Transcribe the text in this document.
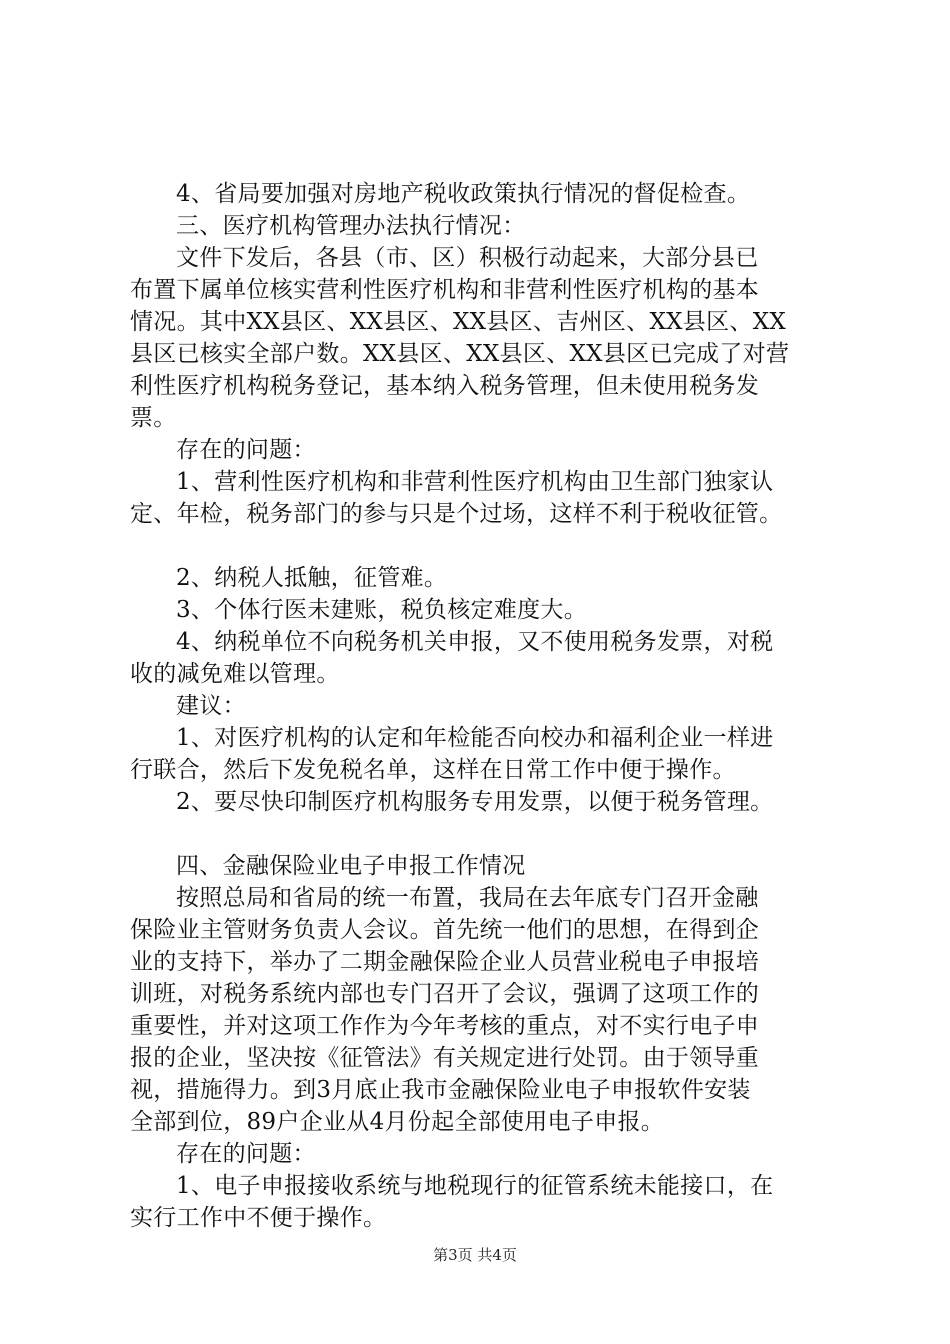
4、省局要加强对房地产税收政策执行情况的督促检查。
三、医疗机构管理办法执行情况：
文件下发后，各县（市、区）积极行动起来，大部分县已
布置下属单位核实营利性医疗机构和非营利性医疗机构的基本
情况。其中XX县区、XX县区、XX县区、吉州区、XX县区、XX
县区已核实全部户数。XX县区、XX县区、XX县区已完成了对营
利性医疗机构税务登记，基本纳入税务管理，但未使用税务发
票。
存在的问题：
1、营利性医疗机构和非营利性医疗机构由卫生部门独家认
定、年检，税务部门的参与只是个过场，这样不利于税收征管。
2、纳税人抵触，征管难。
3、个体行医未建账，税负核定难度大。
4、纳税单位不向税务机关申报，又不使用税务发票，对税
收的减免难以管理。
建议：
1、对医疗机构的认定和年检能否向校办和福利企业一样进
行联合，然后下发免税名单，这样在日常工作中便于操作。
2、要尽快印制医疗机构服务专用发票，以便于税务管理。
四、金融保险业电子申报工作情况
按照总局和省局的统一布置，我局在去年底专门召开金融
保险业主管财务负责人会议。首先统一他们的思想，在得到企
业的支持下，举办了二期金融保险企业人员营业税电子申报培
训班，对税务系统内部也专门召开了会议，强调了这项工作的
重要性，并对这项工作作为今年考核的重点，对不实行电子申
报的企业，坚决按《征管法》有关规定进行处罚。由于领导重
视，措施得力。到3月底止我市金融保险业电子申报软件安装
全部到位，89户企业从4月份起全部使用电子申报。
存在的问题：
1、电子申报接收系统与地税现行的征管系统未能接口，在
实行工作中不便于操作。
第3页 共4页
